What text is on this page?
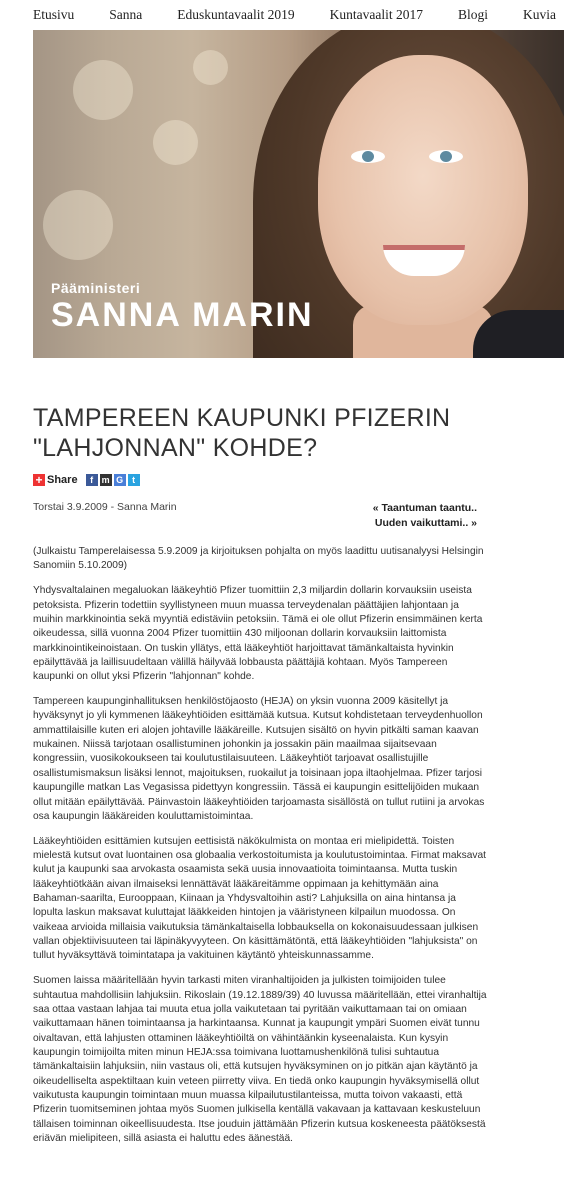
Etusivu	Sanna	Eduskuntavaalit 2019	Kuntavaalit 2017	Blogi	Kuvia
Pääministeri
SANNA MARIN
TAMPEREEN KAUPUNKI PFIZERIN "LAHJONNAN" KOHDE?
+ Share	f m G	t
Torstai 3.9.2009 - Sanna Marin	« Taantuman taantu..
Uuden vaikuttami.. »

(Julkaistu Tamperelaisessa 5.9.2009 ja kirjoituksen pohjalta on myös laadittu uutisanalyysi Helsingin Sanomiin 5.10.2009)

Yhdysvaltalainen megaluokan lääkeyhtiö Pfizer tuomittiin 2,3 miljardin dollarin korvauksiin useista petoksista. Pfizerin todettiin syyllistyneen muun muassa terveydenalan päättäjien lahjontaan ja muihin markkinointia sekä myyntiä edistäviin petoksiin. Tämä ei ole ollut Pfizerin ensimmäinen kerta oikeudessa, sillä vuonna 2004 Pfizer tuomittiin 430 miljoonan dollarin korvauksiin laittomista markkinointikeinoistaan. On tuskin yllätys, että lääkeyhtiöt harjoittavat tämänkaltaista hyvinkin epäilyttävää ja laillisuudeltaan välillä häilyvää lobbausta päättäjiä kohtaan. Myös Tampereen kaupunki on ollut yksi Pfizerin "lahjonnan" kohde.

Tampereen kaupunginhallituksen henkilöstöjaosto (HEJA) on yksin vuonna 2009 käsitellyt ja hyväksynyt jo yli kymmenen lääkeyhtiöiden esittämää kutsua. Kutsut kohdistetaan terveydenhuollon ammattilaisille kuten eri alojen johtaville lääkäreille. Kutsujen sisältö on hyvin pitkälti saman kaavan mukainen. Niissä tarjotaan osallistuminen johonkin ja jossakin päin maailmaa sijaitsevaan kongressiin, vuosikokoukseen tai koulutustilaisuuteen. Lääkeyhtiöt tarjoavat osallistujille osallistumismaksun lisäksi lennot, majoituksen, ruokailut ja toisinaan jopa iltaohjelmaa. Pfizer tarjosi kaupungille matkan Las Vegasissa pidettyyn kongressiin. Tässä ei kaupungin esittelijöiden mukaan ollut mitään epäilyttävää. Päinvastoin lääkeyhtiöiden tarjoamasta sisällöstä on tullut rutiini ja arvokas osa kaupungin lääkäreiden kouluttamistoimintaa.

Lääkeyhtiöiden esittämien kutsujen eettisistä näkökulmista on montaa eri mielipidettä. Toisten mielestä kutsut ovat luontainen osa globaalia verkostoitumista ja koulutustoimintaa. Firmat maksavat kulut ja kaupunki saa arvokasta osaamista sekä uusia innovaatioita toimintaansa. Mutta tuskin lääkeyhtiötkään aivan ilmaiseksi lennättävät lääkäreitämme oppimaan ja kehittymään aina Bahaman-saarilta, Eurooppaan, Kiinaan ja Yhdysvaltoihin asti? Lahjuksilla on aina hintansa ja lopulta laskun maksavat kuluttajat lääkkeiden hintojen ja vääristyneen kilpailun muodossa. On vaikeaa arvioida millaisia vaikutuksia tämänkaltaisella lobbauksella on kokonaisuudessaan julkisen vallan objektiivisuuteen tai läpinäkyvyyteen. On käsittämätöntä, että lääkeyhtiöiden "lahjuksista" on tullut hyväksyttävä toimintatapa ja vakituinen käytäntö yhteiskunnassamme.

Suomen laissa määritellään hyvin tarkasti miten viranhaltijoiden ja julkisten toimijoiden tulee suhtautua mahdollisiin lahjuksiin. Rikoslain (19.12.1889/39) 40 luvussa määritellään, ettei viranhaltija saa ottaa vastaan lahjaa tai muuta etua jolla vaikutetaan tai pyritään vaikuttamaan tai on omiaan vaikuttamaan hänen toimintaansa ja harkintaansa. Kunnat ja kaupungit ympäri Suomen eivät tunnu oivaltavan, että lahjusten ottaminen lääkeyhtiöiltä on vähintäänkin kyseenalaista. Kun kysyin kaupungin toimijoilta miten minun HEJA:ssa toimivana luottamushenkilönä tulisi suhtautua tämänkaltaisiin lahjuksiin, niin vastaus oli, että kutsujen hyväksyminen on jo pitkän ajan käytäntö ja oikeudelliselta aspektiltaan kuin veteen piirretty viiva. En tiedä onko kaupungin hyväksymisellä ollut vaikutusta kaupungin toimintaan muun muassa kilpailutustilanteissa, mutta toivon vakaasti, että Pfizerin tuomitseminen johtaa myös Suomen julkisella kentällä vakavaan ja kattavaan keskusteluun tällaisen toiminnan oikeellisuudesta. Itse jouduin jättämään Pfizerin kutsua koskeneesta päätöksestä eriävän mielipiteen, sillä asiasta ei haluttu edes äänestää.
